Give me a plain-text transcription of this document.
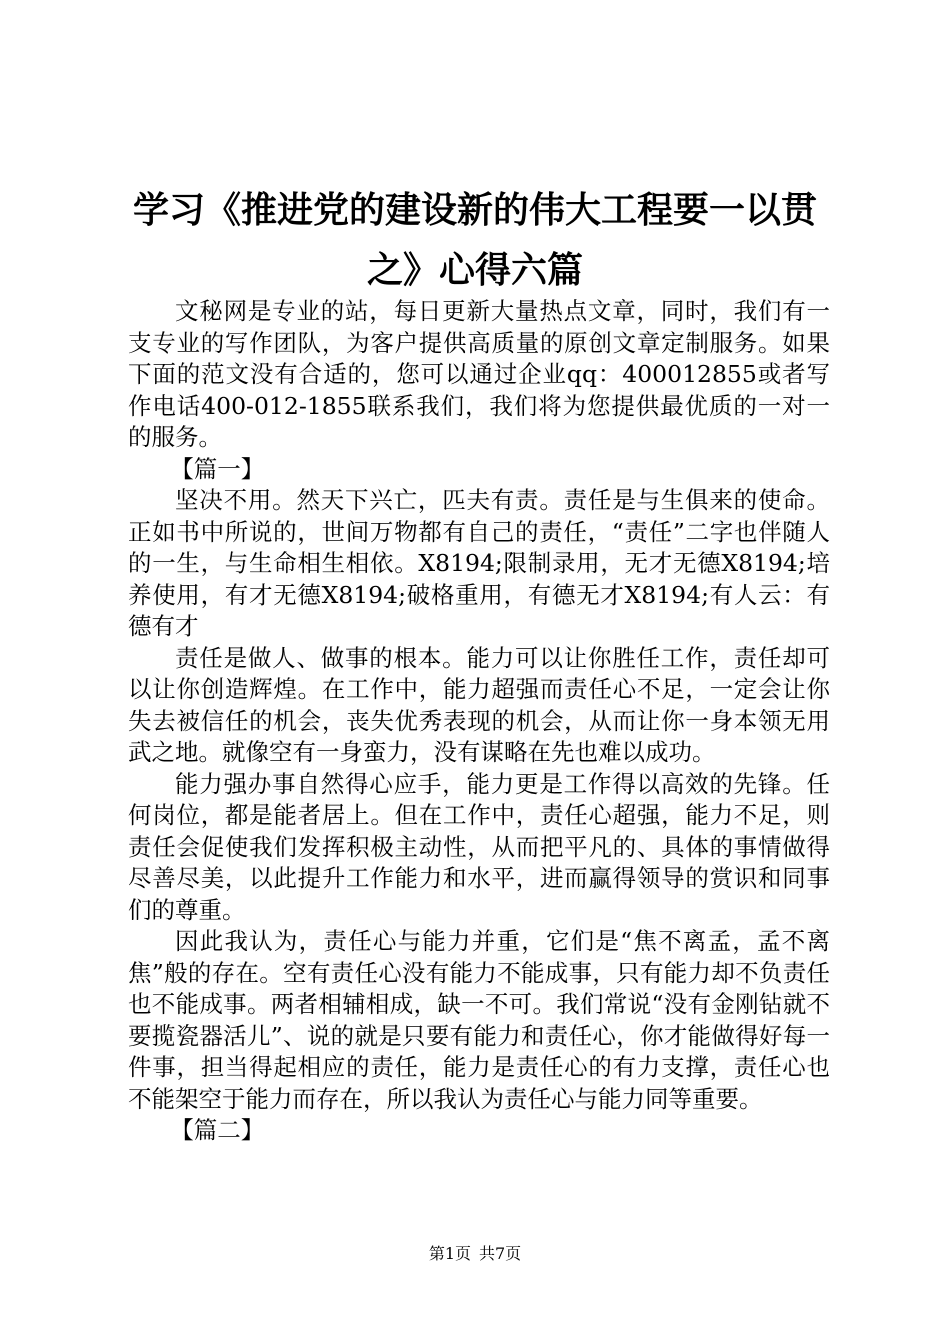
学习《推进党的建设新的伟大工程要一以贯
之》心得六篇

文秘网是专业的站，每日更新大量热点文章，同时，我们有一支专业的写作团队，为客户提供高质量的原创文章定制服务。如果下面的范文没有合适的，您可以通过企业qq：400012855或者写作电话400-012-1855联系我们，我们将为您提供最优质的一对一的服务。

【篇一】

坚决不用。然天下兴亡，匹夫有责。责任是与生俱来的使命。正如书中所说的，世间万物都有自己的责任，“责任”二字也伴随人的一生，与生命相生相依。X8194;限制录用，无才无德X8194;培养使用，有才无德X8194;破格重用，有德无才X8194;有人云：有德有才

责任是做人、做事的根本。能力可以让你胜任工作，责任却可以让你创造辉煌。在工作中，能力超强而责任心不足，一定会让你失去被信任的机会，丧失优秀表现的机会，从而让你一身本领无用武之地。就像空有一身蛮力，没有谋略在先也难以成功。

能力强办事自然得心应手，能力更是工作得以高效的先锋。任何岗位，都是能者居上。但在工作中，责任心超强，能力不足，则责任会促使我们发挥积极主动性，从而把平凡的、具体的事情做得尽善尽美，以此提升工作能力和水平，进而赢得领导的赏识和同事们的尊重。

因此我认为，责任心与能力并重，它们是“焦不离孟，孟不离焦”般的存在。空有责任心没有能力不能成事，只有能力却不负责任也不能成事。两者相辅相成，缺一不可。我们常说“没有金刚钻就不要揽瓷器活儿”、说的就是只要有能力和责任心，你才能做得好每一件事，担当得起相应的责任，能力是责任心的有力支撑，责任心也不能架空于能力而存在，所以我认为责任心与能力同等重要。

【篇二】

第1页 共7页
